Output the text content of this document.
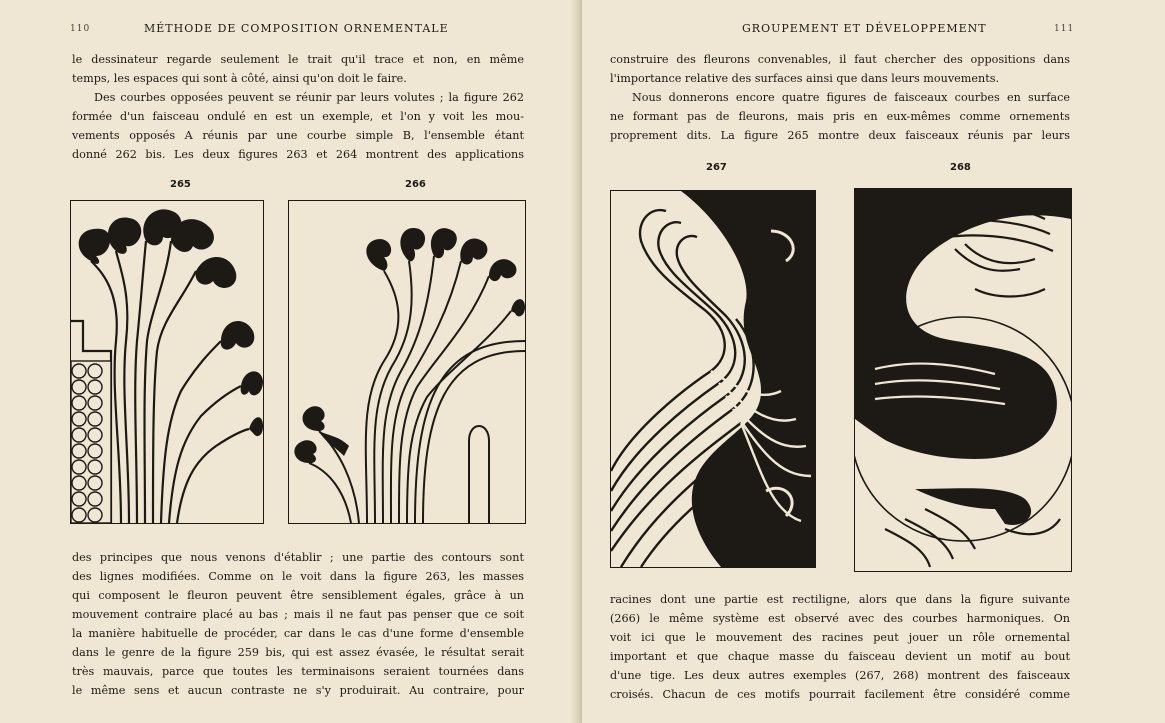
110	MÉTHODE DE COMPOSITION ORNEMENTALE
le dessinateur regarde seulement le trait qu'il trace et non, en même
temps, les espaces qui sont à côté, ainsi qu'on doit le faire.
Des courbes opposées peuvent se réunir par leurs volutes ; la figure 262
formée d'un faisceau ondulé en est un exemple, et l'on y voit les mou-
vements opposés A réunis par une courbe simple B, l'ensemble étant
donné 262 bis. Les deux figures 263 et 264 montrent des applications
265	266
des principes que nous venons d'établir ; une partie des contours sont
des lignes modifiées. Comme on le voit dans la figure 263, les masses
qui composent le fleuron peuvent être sensiblement égales, grâce à un
mouvement contraire placé au bas ; mais il ne faut pas penser que ce soit
la manière habituelle de procéder, car dans le cas d'une forme d'ensemble
dans le genre de la figure 259 bis, qui est assez évasée, le résultat serait
très mauvais, parce que toutes les terminaisons seraient tournées dans
le même sens et aucun contraste ne s'y produirait. Au contraire, pour
GROUPEMENT ET DÉVELOPPEMENT	111
construire des fleurons convenables, il faut chercher des oppositions dans
l'importance relative des surfaces ainsi que dans leurs mouvements.
Nous donnerons encore quatre figures de faisceaux courbes en surface
ne formant pas de fleurons, mais pris en eux-mêmes comme ornements
proprement dits. La figure 265 montre deux faisceaux réunis par leurs
267	268
racines dont une partie est rectiligne, alors que dans la figure suivante
(266) le même système est observé avec des courbes harmoniques. On
voit ici que le mouvement des racines peut jouer un rôle ornemental
important et que chaque masse du faisceau devient un motif au bout
d'une tige. Les deux autres exemples (267, 268) montrent des faisceaux
croisés. Chacun de ces motifs pourrait facilement être considéré comme
